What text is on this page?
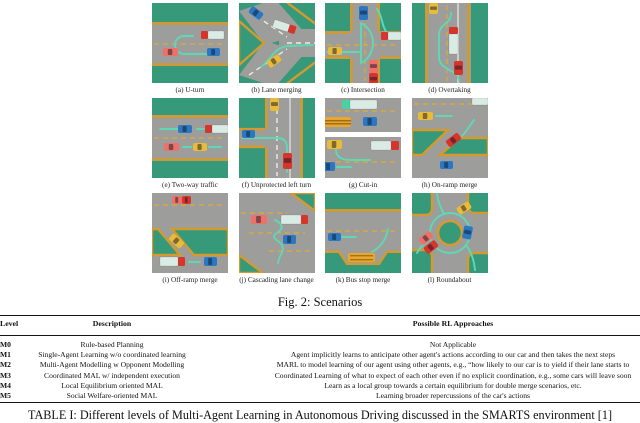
(a) U-turn	(b) Lane merging	(c) Intersection	(d) Overtaking
(e) Two-way traffic	(f) Unprotected left turn	(g) Cut-in	(h) On-ramp merge
(i) Off-ramp merge	(j) Cascading lane change	(k) Bus stop merge	(l) Roundabout
Fig. 2: Scenarios
Level	Description	Possible RL Approaches
M0	Rule-based Planning	Not Applicable
M1	Single-Agent Learning w/o coordinated learning	Agent implicitly learns to anticipate other agent's actions according to our car and then takes the next steps
M2	Multi-Agent Modelling w Opponent Modelling	MARL to model learning of our agent using other agents, e.g., “how likely to our car is to yield if their lane starts to
M3	Coordinated MAL w/ independent execution	Coordinated Learning of what to expect of each other even if no explicit coordination, e.g., some cars will leave soon
M4	Local Equilibrium oriented MAL	Learn as a local group towards a certain equilibrium for double merge scenarios, etc.
M5	Social Welfare-oriented MAL	Learning broader repercussions of the car's actions
TABLE I: Different levels of Multi-Agent Learning in Autonomous Driving discussed in the SMARTS environment [1]
